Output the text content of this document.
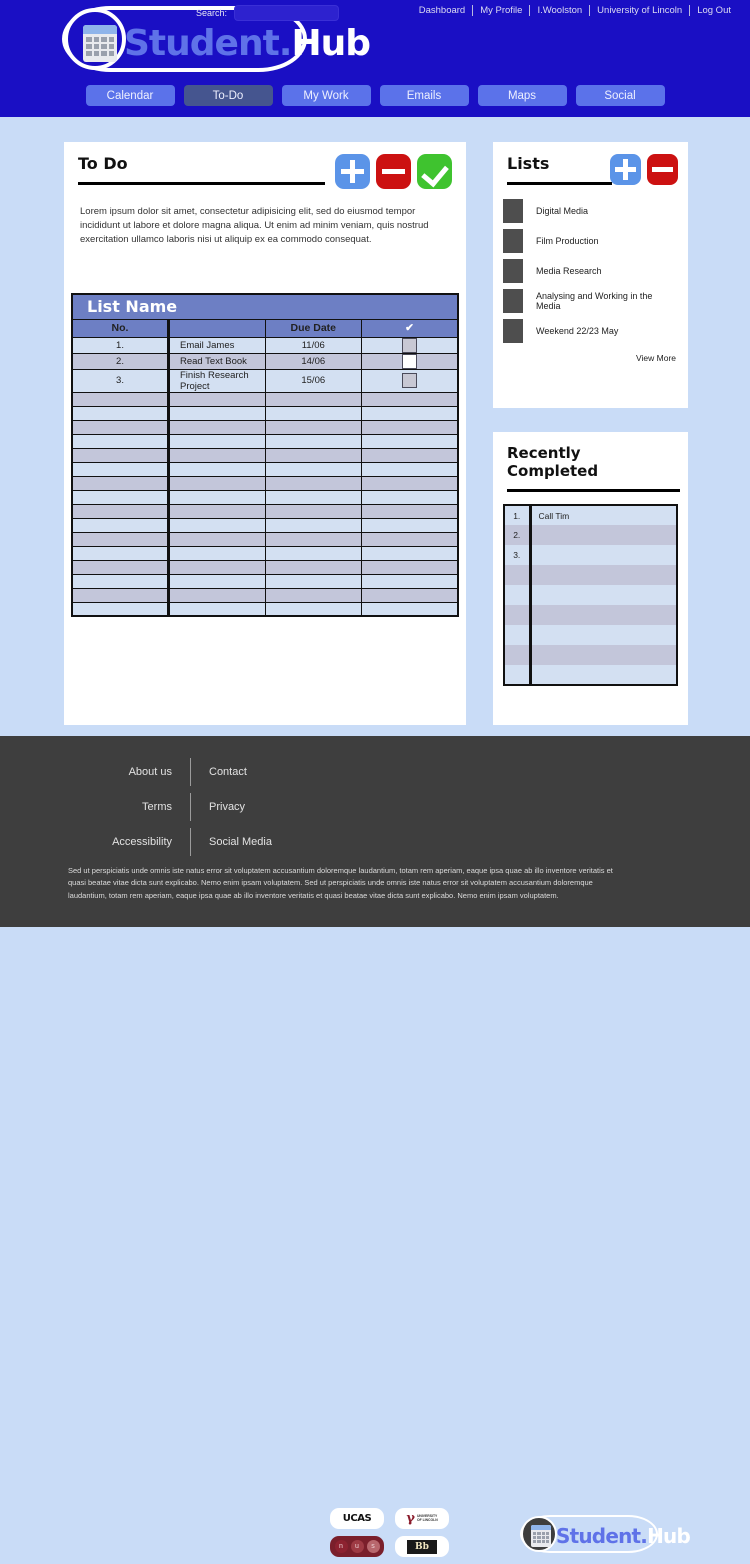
Student.Hub
Search:	Dashboard	My Profile	I.Woolston	University of Lincoln	Log Out
Calendar	To-Do	My Work	Emails	Maps	Social
To Do

Lorem ipsum dolor sit amet, consectetur adipisicing elit, sed do eiusmod tempor incididunt ut labore et dolore magna aliqua. Ut enim ad minim veniam, quis nostrud exercitation ullamco laboris nisi ut aliquip ex ea commodo consequat.

List Name			
No.		Due Date	✔
1.	Email James	11/06	
2.	Read Text Book	14/06	
3.	Finish Research Project	15/06	

Lists
Digital Media
Film Production
Media Research
Analysing and Working in the Media
Weekend 22/23 May
View More
Recently Completed
1.	Call Tim
2.	
3.	

About us	Contact
Terms	Privacy
Accessibility	Social Media
UCAS	𝛄 UNIVERSITY
OF LINCOLN
n	u	s	Bb	Student.Hub
Sed ut perspiciatis unde omnis iste natus error sit voluptatem accusantium doloremque laudantium, totam rem aperiam, eaque ipsa quae ab illo inventore veritatis et quasi beatae vitae dicta sunt explicabo. Nemo enim ipsam voluptatem. Sed ut perspiciatis unde omnis iste natus error sit voluptatem accusantium doloremque laudantium, totam rem aperiam, eaque ipsa quae ab illo inventore veritatis et quasi beatae vitae dicta sunt explicabo. Nemo enim ipsam voluptatem.
